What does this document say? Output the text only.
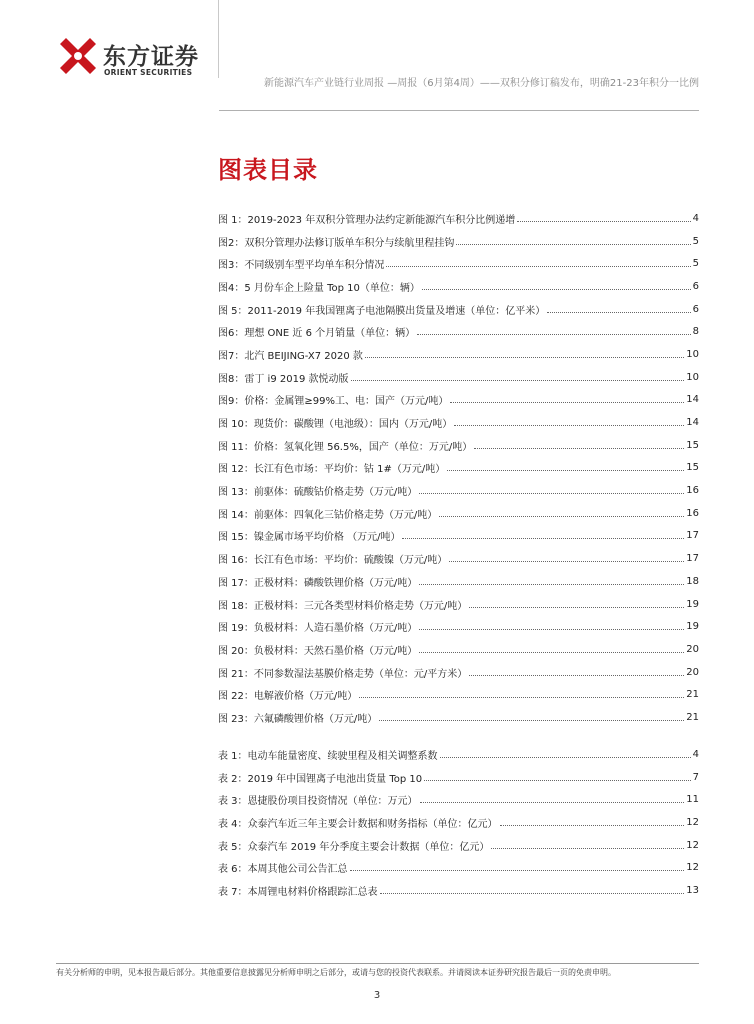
东方证券
ORIENT SECURITIES
新能源汽车产业链行业周报 —周报（6月第4周）——双积分修订稿发布，明确21-23年积分一比例
图表目录
图 1：2019-2023 年双积分管理办法约定新能源汽车积分比例递增	4
图2：双积分管理办法修订版单车积分与续航里程挂钩	5
图3：不同级别车型平均单车积分情况	5
图4：5 月份车企上险量 Top 10（单位：辆）	6
图 5：2011-2019 年我国锂离子电池隔膜出货量及增速（单位：亿平米）	6
图6：理想 ONE 近 6 个月销量（单位：辆）	8
图7：北汽 BEIJING-X7 2020 款	10
图8：雷丁 i9 2019 款悦动版	10
图9：价格：金属锂≥99%工、电：国产（万元/吨）	14
图 10：现货价：碳酸锂（电池级）：国内（万元/吨）	14
图 11：价格：氢氧化锂 56.5%，国产（单位：万元/吨）	15
图 12：长江有色市场：平均价：钴 1#（万元/吨）	15
图 13：前驱体：硫酸钴价格走势（万元/吨）	16
图 14：前驱体：四氧化三钴价格走势（万元/吨）	16
图 15：镍金属市场平均价格 （万元/吨）	17
图 16：长江有色市场：平均价：硫酸镍（万元/吨）	17
图 17：正极材料：磷酸铁锂价格（万元/吨）	18
图 18：正极材料：三元各类型材料价格走势（万元/吨）	19
图 19：负极材料：人造石墨价格（万元/吨）	19
图 20：负极材料：天然石墨价格（万元/吨）	20
图 21：不同参数湿法基膜价格走势（单位：元/平方米）	20
图 22：电解液价格（万元/吨）	21
图 23：六氟磷酸锂价格（万元/吨）	21
表 1：电动车能量密度、续驶里程及相关调整系数	4
表 2：2019 年中国锂离子电池出货量 Top 10	7
表 3：恩捷股份项目投资情况（单位：万元）	11
表 4：众泰汽车近三年主要会计数据和财务指标（单位：亿元）	12
表 5：众泰汽车 2019 年分季度主要会计数据（单位：亿元）	12
表 6：本周其他公司公告汇总	12
表 7：本周锂电材料价格跟踪汇总表	13
有关分析师的申明，见本报告最后部分。其他重要信息披露见分析师申明之后部分，或请与您的投资代表联系。并请阅读本证券研究报告最后一页的免责申明。
3
